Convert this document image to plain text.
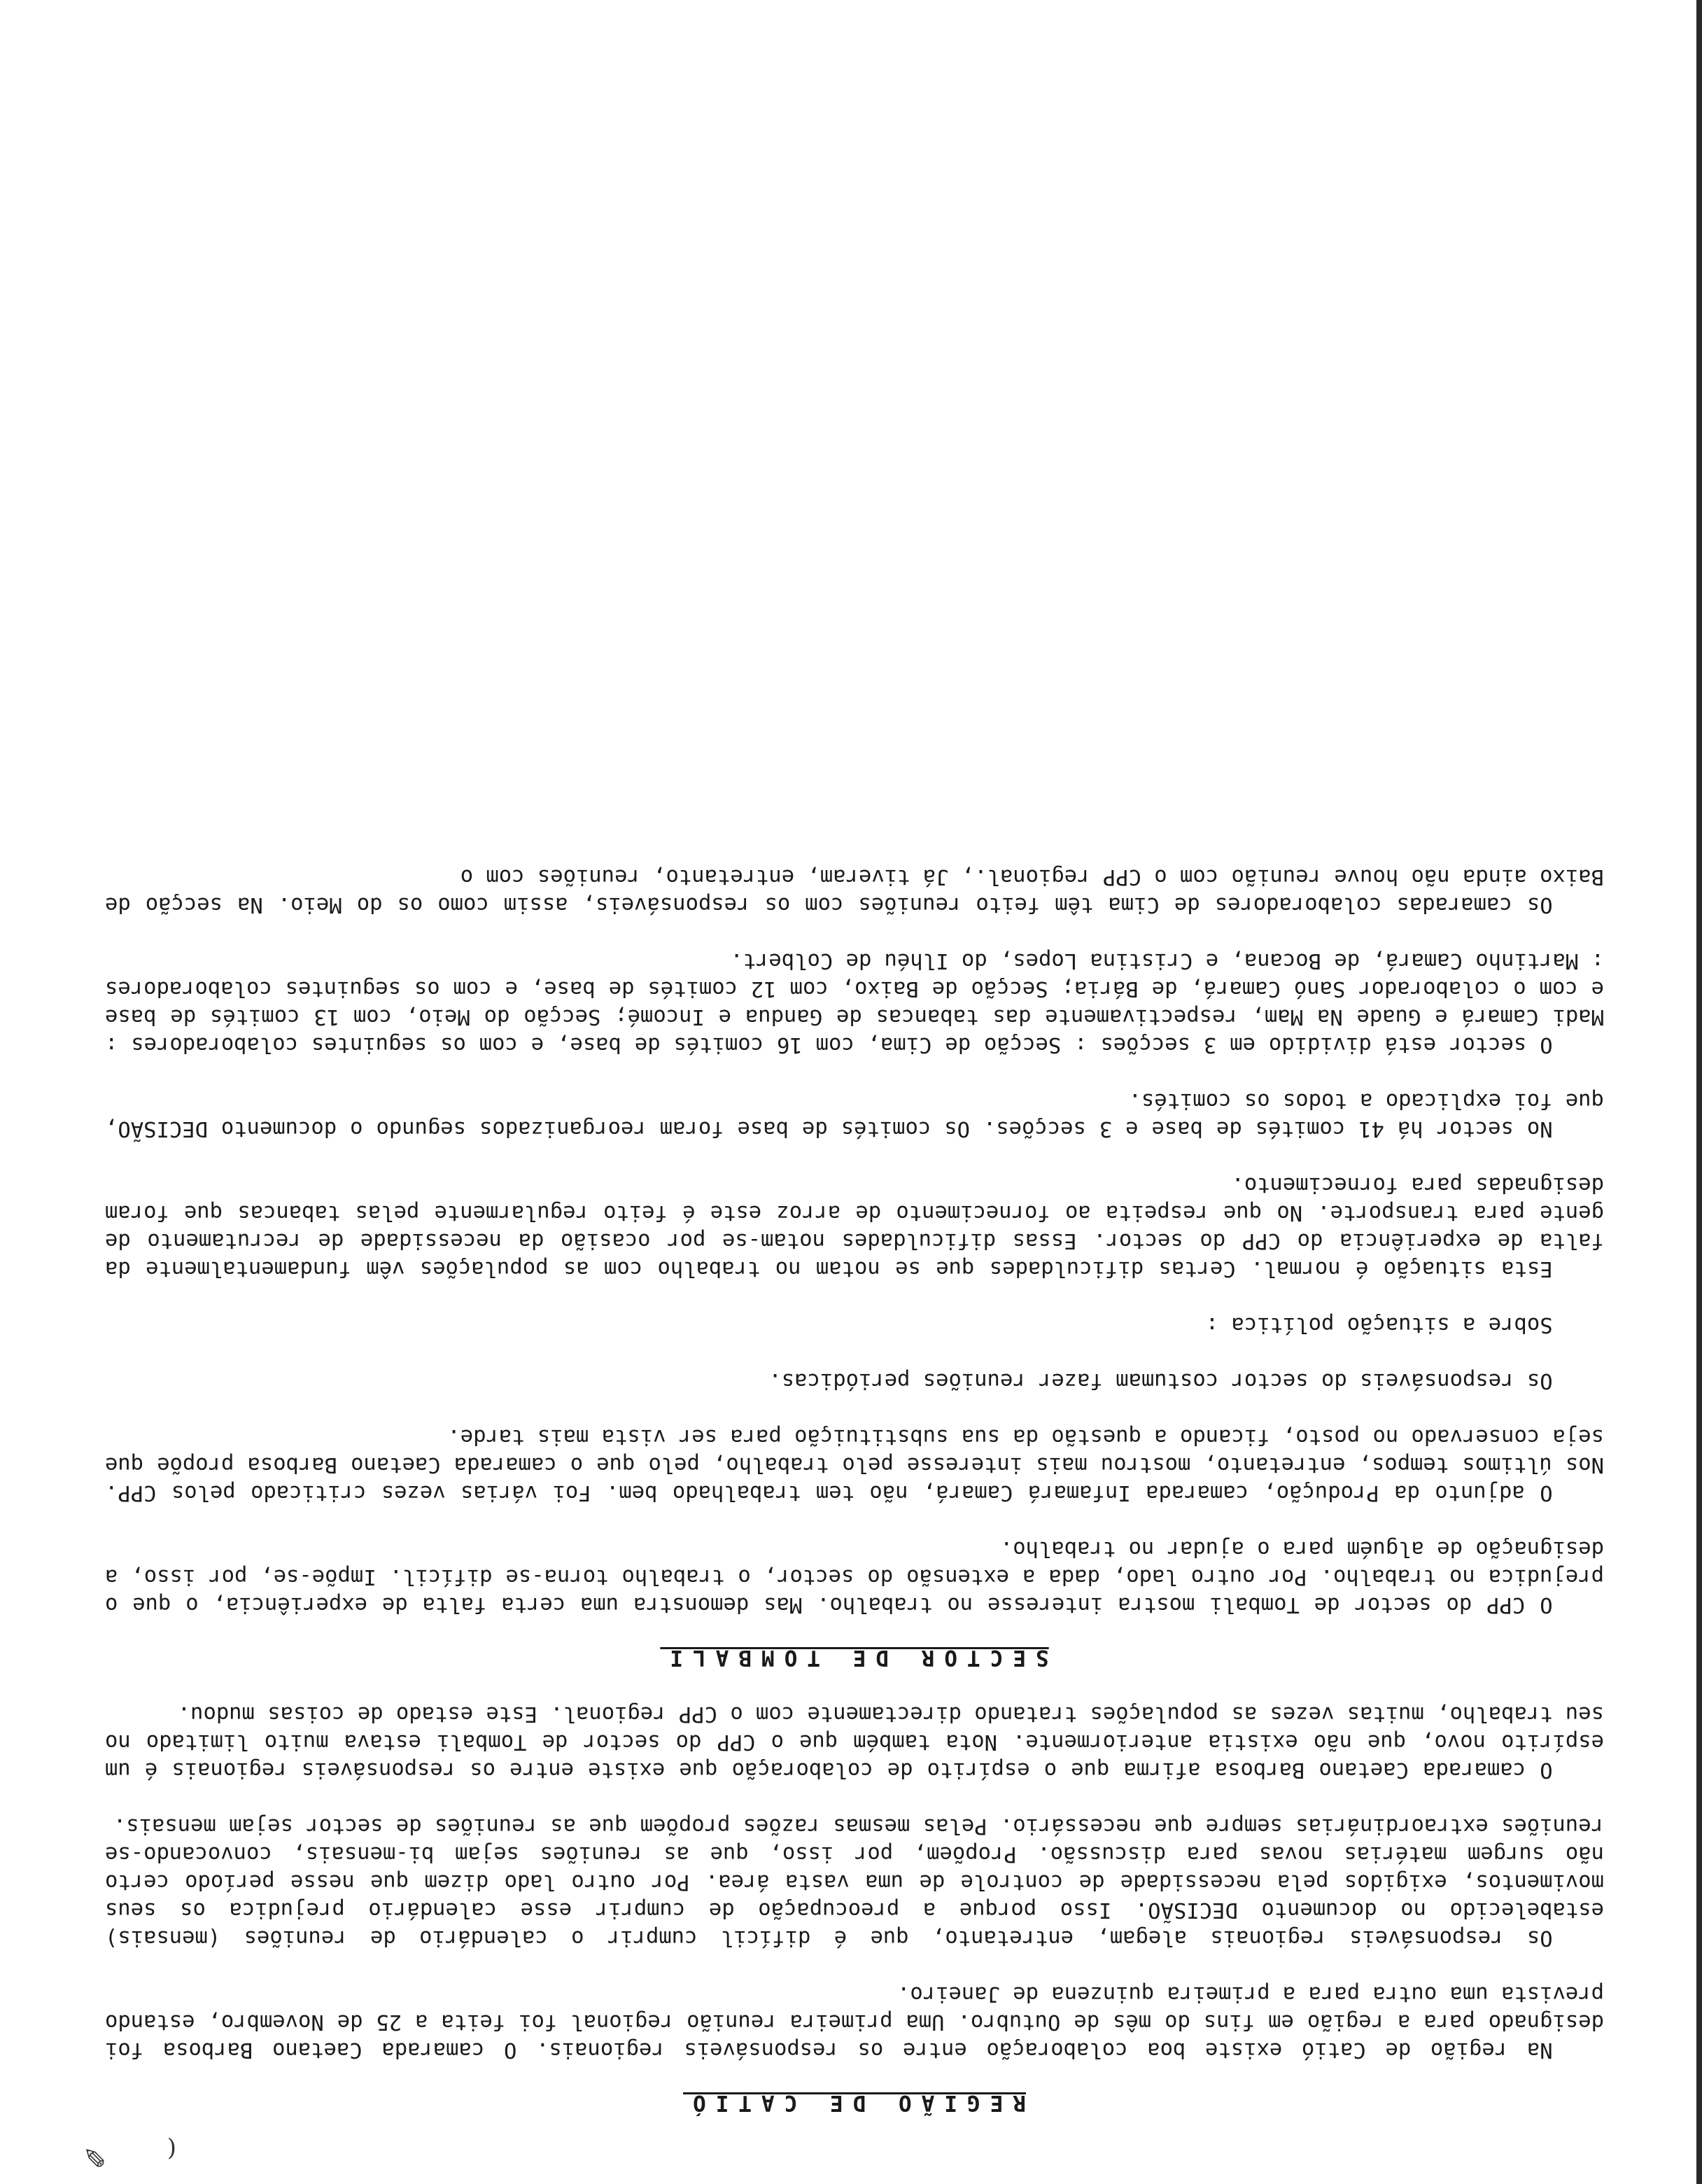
✎	(
REGIÃO DE CATIÓ

Na região de Catió existe boa colaboração entre os responsáveis regionais. O camarada Caetano Barbosa foi designado para a região em fins do mês de Outubro. Uma primeira reunião regional foi feita a 25 de Novembro, estando prevista uma outra para a primeira quinzena de Janeiro.

Os responsáveis regionais alegam, entretanto, que é difícil cumprir o calendário de reuniões (mensais) estabelecido no documento DECISÃO. Isso porque a preocupação de cumprir esse calendário prejudica os seus movimentos, exigidos pela necessidade de controle de uma vasta área. Por outro lado dizem que nesse período certo não surgem matérias novas para discussão. Propõem, por isso, que as reuniões sejam bi-mensais, convocando-se reuniões extraordinárias sempre que necessário. Pelas mesmas razões propõem que as reuniões de sector sejam mensais.

O camarada Caetano Barbosa afirma que o espírito de colaboração que existe entre os responsáveis regionais é um espírito novo, que não existia anteriormente. Nota também que o CPP do sector de Tombali estava muito limitado no seu trabalho, muitas vezes as populações tratando directamente com o CPP regional. Este estado de coisas mudou.

SECTOR DE TOMBALI

O CPP do sector de Tombali mostra interesse no trabalho. Mas demonstra uma certa falta de experiência, o que o prejudica no trabalho. Por outro lado, dada a extensão do sector, o trabalho torna-se difícil. Impõe-se, por isso, a designação de alguém para o ajudar no trabalho.

O adjunto da Produção, camarada Infamará Camará, não tem trabalhado bem. Foi várias vezes criticado pelos CPP. Nos últimos tempos, entretanto, mostrou mais interesse pelo trabalho, pelo que o camarada Caetano Barbosa propõe que seja conservado no posto, ficando a questão da sua substituição para ser vista mais tarde.

Os responsáveis do sector costumam fazer reuniões periódicas.

Sobre a situação política :

Esta situação é normal. Certas dificuldades que se notam no trabalho com as populações vêm fundamentalmente da falta de experiência do CPP do sector. Essas dificuldades notam-se por ocasião da necessidade de recrutamento de gente para transporte. No que respeita ao fornecimento de arroz este é feito regularmente pelas tabancas que foram designadas para fornecimento.

No sector há 41 comités de base e 3 secções. Os comités de base foram reorganizados segundo o documento DECISÃO, que foi explicado a todos os comités.

O sector está dividido em 3 secções : Secção de Cima, com 16 comités de base, e com os seguintes colaboradores : Madi Camará e Guade Na Mam, respectivamente das tabancas de Gandua e Incomé; Secção do Meio, com 13 comités de base e com o colaborador Sanó Camará, de Bária; Secção de Baixo, com 12 comités de base, e com os seguintes colaboradores : Martinho Camará, de Bocana, e Cristina Lopes, do Ilhéu de Colbert.

Os camaradas colaboradores de Cima têm feito reuniões com os responsáveis, assim como os do Meio. Na secção de Baixo ainda não houve reunião com o CPP regional., Já tiveram, entretanto, reuniões com o
